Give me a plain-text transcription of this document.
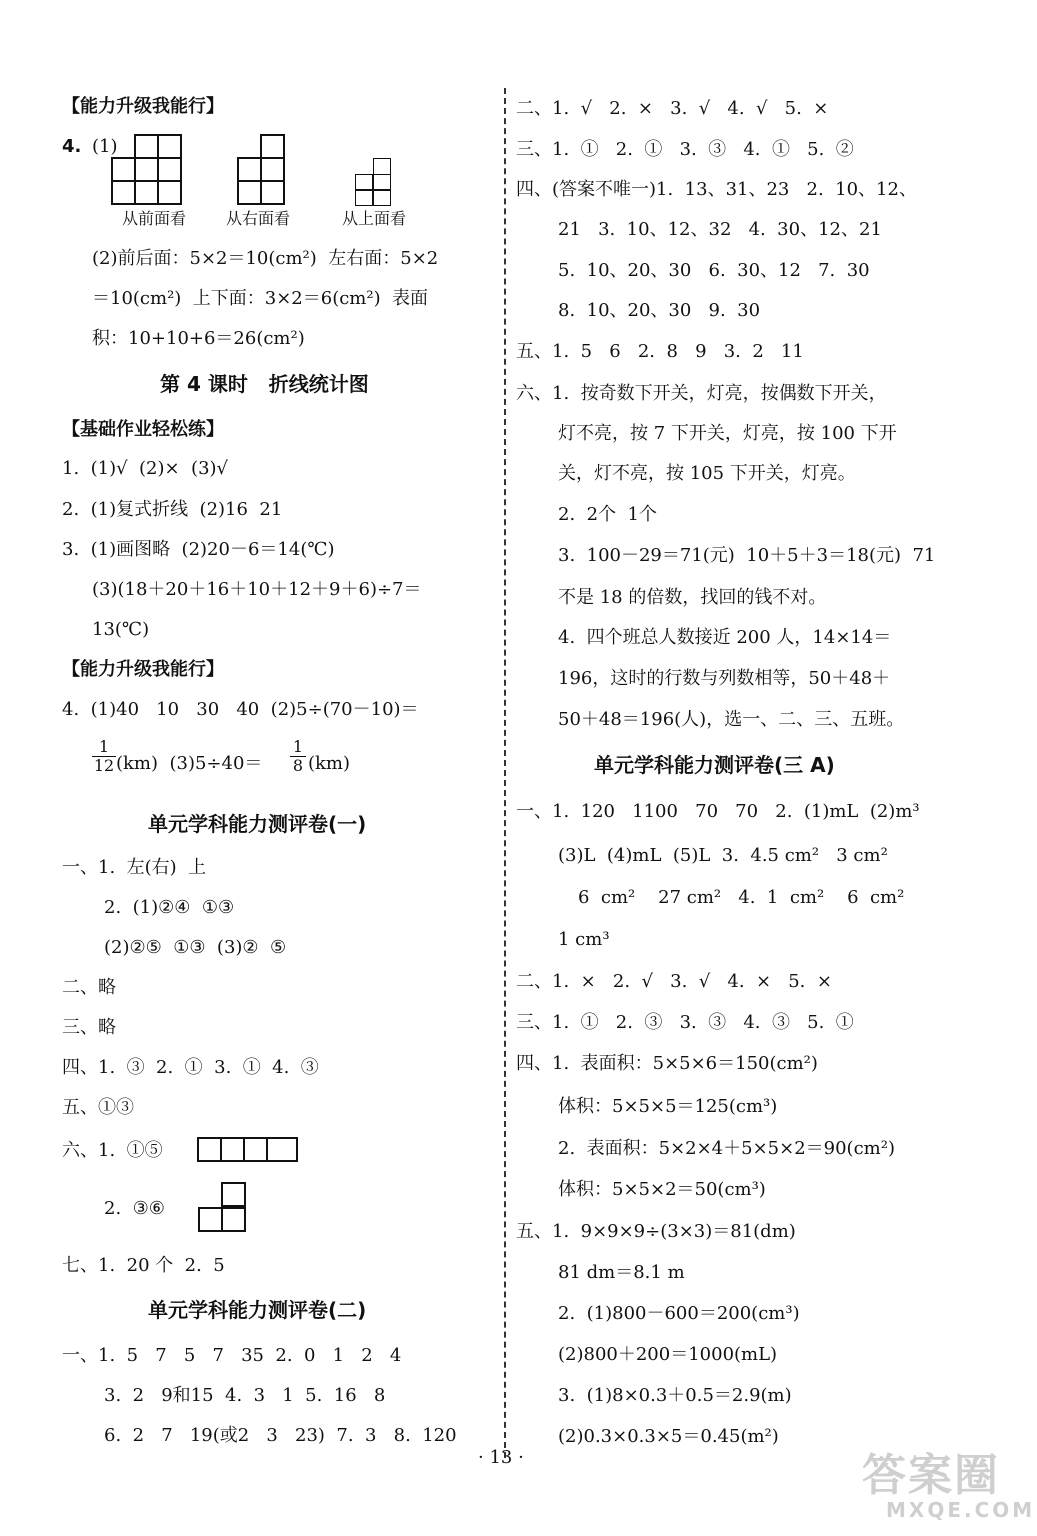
【能力升级我能行】
4. (1)
从前面看 从右面看	从上面看
(2)前后面：5×2＝10(cm²)  左右面：5×2
＝10(cm²)  上下面：3×2＝6(cm²)  表面
积：10+10+6＝26(cm²)
第 4 课时   折线统计图
【基础作业轻松练】
1.  (1)√  (2)×  (3)√
2.  (1)复式折线  (2)16  21
3.  (1)画图略  (2)20－6＝14(℃)
(3)(18＋20＋16＋10＋12＋9＋6)÷7＝
13(℃)
【能力升级我能行】
4.  (1)40   10   30   40  (2)5÷(70－10)＝
$\frac{1}{12} (km)$  $(3)5\div 40= \frac{1}{8} (km)$
单元学科能力测评卷(一)
一、1.  左(右)  上
2.  (1)②④  ①③
(2)②⑤  ①③  (3)②  ⑤
二、略
三、略
四、1.  ③  2.  ①  3.  ①  4.  ③
五、①③
六、1.  ①⑤
2.  ③⑥
七、1.  20 个  2.  5
单元学科能力测评卷(二)
一、1.  5   7   5   7   35  2.  0   1   2   4
3.  2   9和15  4.  3   1  5.  16   8
6.  2   7   19(或2   3   23)  7.  3   8.  120
二、1.  √   2.  ×   3.  √   4.  √   5.  ×
三、1.  ①   2.  ①   3.  ③   4.  ①   5.  ②
四、(答案不唯一)1.  13、31、23   2.  10、12、
21   3.  10、12、32   4.  30、12、21
5.  10、20、30   6.  30、12   7.  30
8.  10、20、30   9.  30
五、1.  5   6   2.  8   9   3.  2   11
六、1.  按奇数下开关，灯亮，按偶数下开关，
灯不亮，按 7 下开关，灯亮，按 100 下开
关，灯不亮，按 105 下开关，灯亮。
2.  2个  1个
3.  100－29＝71(元)  10＋5＋3＝18(元)  71
不是 18 的倍数，找回的钱不对。
4.  四个班总人数接近 200 人，14×14＝
196，这时的行数与列数相等，50＋48＋
50＋48＝196(人)，选一、二、三、五班。
单元学科能力测评卷(三 A)
一、1.  120   1100   70   70   2.  (1)mL  (2)m³
(3)L  (4)mL  (5)L  3.  4.5 cm²   3 cm²
6  cm²    27 cm²   4.  1  cm²    6  cm²
1 cm³
二、1.  ×   2.  √   3.  √   4.  ×   5.  ×
三、1.  ①   2.  ③   3.  ③   4.  ③   5.  ①
四、1.  表面积：5×5×6＝150(cm²)
体积：5×5×5＝125(cm³)
2.  表面积：5×2×4＋5×5×2＝90(cm²)
体积：5×5×2＝50(cm³)
五、1.  9×9×9÷(3×3)＝81(dm)
81 dm＝8.1 m
2.  (1)800－600＝200(cm³)
(2)800＋200＝1000(mL)
3.  (1)8×0.3＋0.5＝2.9(m)
(2)0.3×0.3×5＝0.45(m²)
· 13 ·	答案圈
MXQE.COM
